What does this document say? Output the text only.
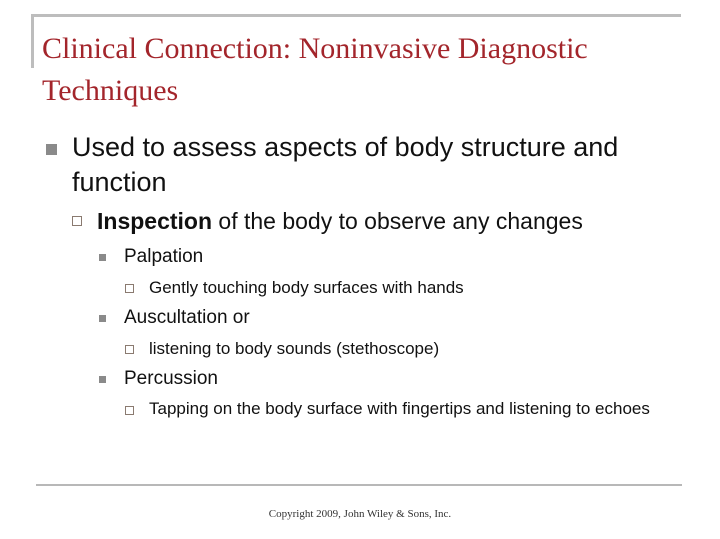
Clinical Connection: Noninvasive Diagnostic Techniques
Used to assess aspects of body structure and function
Inspection of the body to observe any changes
Palpation
Gently touching body surfaces with hands
Auscultation or
listening to body sounds (stethoscope)
Percussion
Tapping on the body surface with fingertips and listening to echoes
Copyright 2009, John Wiley & Sons, Inc.
